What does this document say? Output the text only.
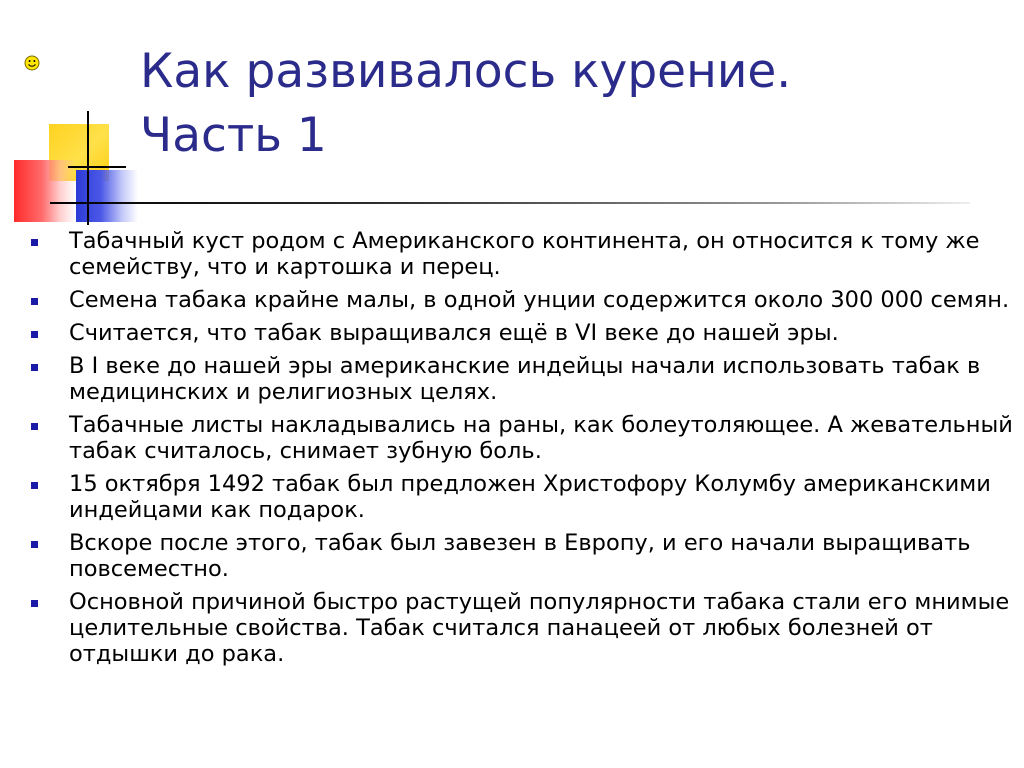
Как развивалось курение.
Часть 1
Табачный куст родом с Американского континента, он относится к тому же семейству, что и картошка и перец.
Семена табака крайне малы, в одной унции содержится около 300 000 семян.
Считается, что табак выращивался ещё в VI веке до нашей эры.
В I веке до нашей эры американские индейцы начали использовать табак в медицинских и религиозных целях.
Табачные листы накладывались на раны, как болеутоляющее. А жевательный табак считалось, снимает зубную боль.
15 октября 1492 табак был предложен Христофору Колумбу американскими индейцами как подарок.
Вскоре после этого, табак был завезен в Европу, и его начали выращивать повсеместно.
Основной причиной быстро растущей популярности табака стали его мнимые целительные свойства. Табак считался панацеей от любых болезней от отдышки до рака.
